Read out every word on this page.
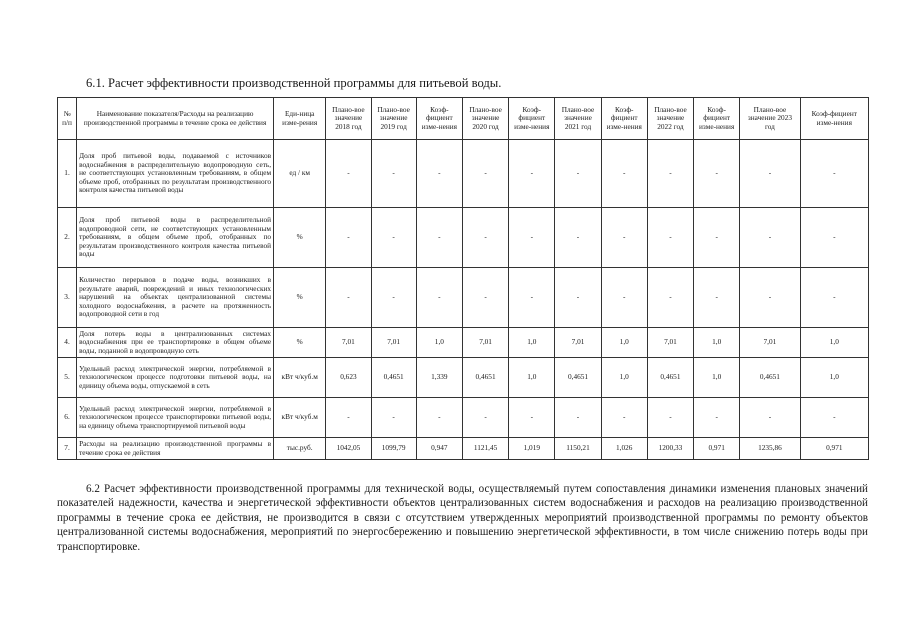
6.1. Расчет эффективности производственной программы для питьевой воды.
№ п/п	Наименование показателя/Расходы на реализацию производственной программы в течение срока ее действия	Еди-ница изме-рения	Плано-вое значение 2018 год	Плано-вое значение 2019 год	Коэф-фициент изме-нения	Плано-вое значение 2020 год	Коэф-фициент изме-нения	Плано-вое значение 2021 год	Коэф-фициент изме-нения	Плано-вое значение 2022 год	Коэф-фициент изме-нения	Плано-вое значение 2023 год	Коэф-фициент изме-нения
1.	Доля проб питьевой воды, подаваемой с источников водоснабжения в распределительную водопроводную сеть, не соответствующих установленным требованиям, в общем объеме проб, отобранных по результатам производственного контроля качества питьевой воды	ед / км	-	-	-	-	-	-	-	-	-	-	-
2.	Доля проб питьевой воды в распределительной водопроводной сети, не соответствующих установленным требованиям, в общем объеме проб, отобранных по результатам производственного контроля качества питьевой воды	%	-	-	-	-	-	-	-	-	-	-	-
3.	Количество перерывов в подаче воды, возникших в результате аварий, повреждений и иных технологических нарушений на объектах централизованной системы холодного водоснабжения, в расчете на протяженность водопроводной сети в год	%	-	-	-	-	-	-	-	-	-	-	-
4.	Доля потерь воды в централизованных системах водоснабжения при ее транспортировке в общем объеме воды, поданной в водопроводную сеть	%	7,01	7,01	1,0	7,01	1,0	7,01	1,0	7,01	1,0	7,01	1,0
5.	Удельный расход электрической энергии, потребляемой в технологическом процессе подготовки питьевой воды, на единицу объема воды, отпускаемой в сеть	кВт ч/куб.м	0,623	0,4651	1,339	0,4651	1,0	0,4651	1,0	0,4651	1,0	0,4651	1,0
6.	Удельный расход электрической энергии, потребляемой в технологическом процессе транспортировки питьевой воды, на единицу объема транспортируемой питьевой воды	кВт ч/куб.м	-	-	-	-	-	-	-	-	-	-	-
7.	Расходы на реализацию производственной программы в течение срока ее действия	тыс.руб.	1042,05	1099,79	0,947	1121,45	1,019	1150,21	1,026	1200,33	0,971	1235,86	0,971

6.2 Расчет эффективности производственной программы для технической воды, осуществляемый путем сопоставления динамики изменения плановых значений показателей надежности, качества и энергетической эффективности объектов централизованных систем водоснабжения и расходов на реализацию производственной программы в течение срока ее действия, не производится в связи с отсутствием утвержденных мероприятий производственной программы по ремонту объектов централизованной системы водоснабжения, мероприятий по энергосбережению и повышению энергетической эффективности, в том числе снижению потерь воды при транспортировке.
